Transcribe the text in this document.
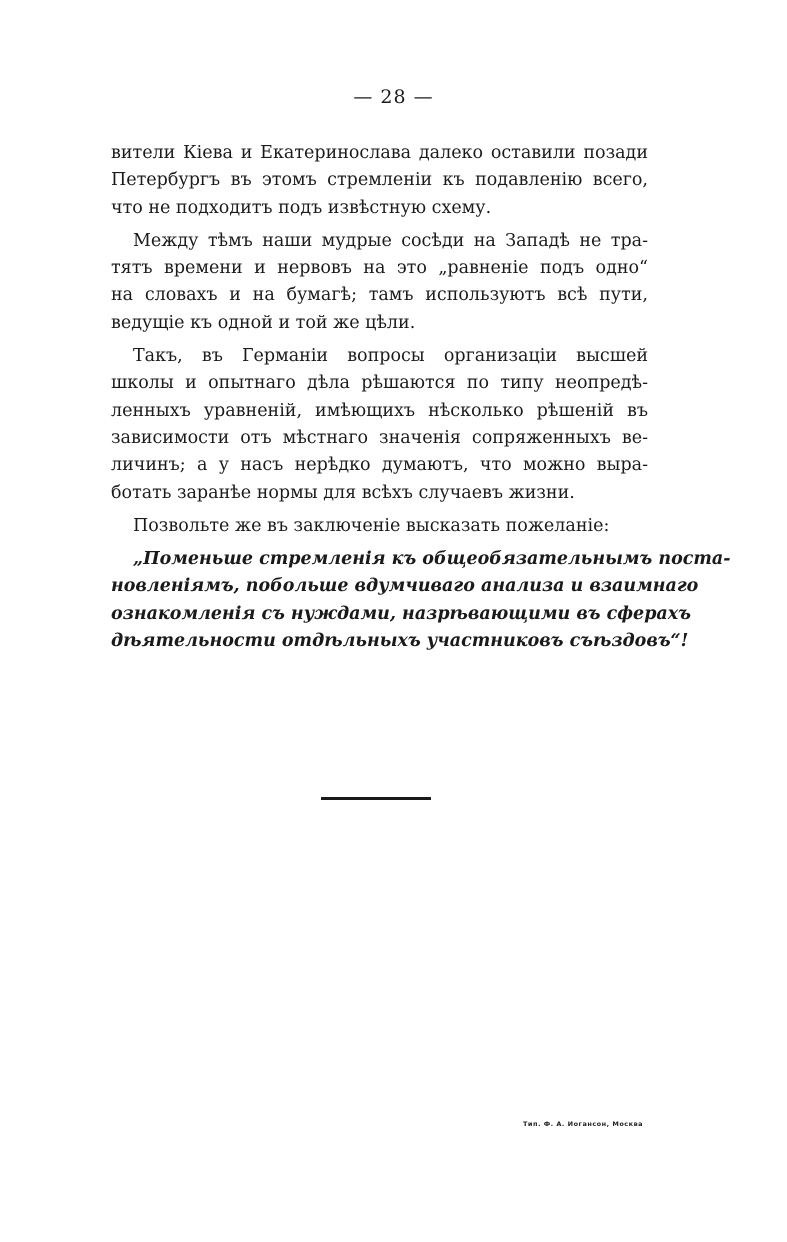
— 28 —
вители Кіева и Екатеринослава далеко оставили позади
Петербургъ въ этомъ стремленіи къ подавленію всего,
что не подходитъ подъ извѣстную схему.
Между тѣмъ наши мудрые сосѣди на Западѣ не тра-
тятъ времени и нервовъ на это „равненіе подъ одно“
на словахъ и на бумагѣ; тамъ используютъ всѣ пути,
ведущіе къ одной и той же цѣли.
Такъ, въ Германіи вопросы организаціи высшей
школы и опытнаго дѣла рѣшаются по типу неопредѣ-
ленныхъ уравненій, имѣющихъ нѣсколько рѣшеній въ
зависимости отъ мѣстнаго значенія сопряженныхъ ве-
личинъ; а у насъ нерѣдко думаютъ, что можно выра-
ботать заранѣе нормы для всѣхъ случаевъ жизни.
Позвольте же въ заключеніе высказать пожеланіе:
„Поменьше стремленія къ общеобязательнымъ поста-
новленіямъ, побольше вдумчиваго анализа и взаимнаго
ознакомленія съ нуждами, назрѣвающими въ сферахъ
дѣятельности отдѣльныхъ участниковъ съѣздовъ“!
Тип. Ф. А. Иогансон, Москва
